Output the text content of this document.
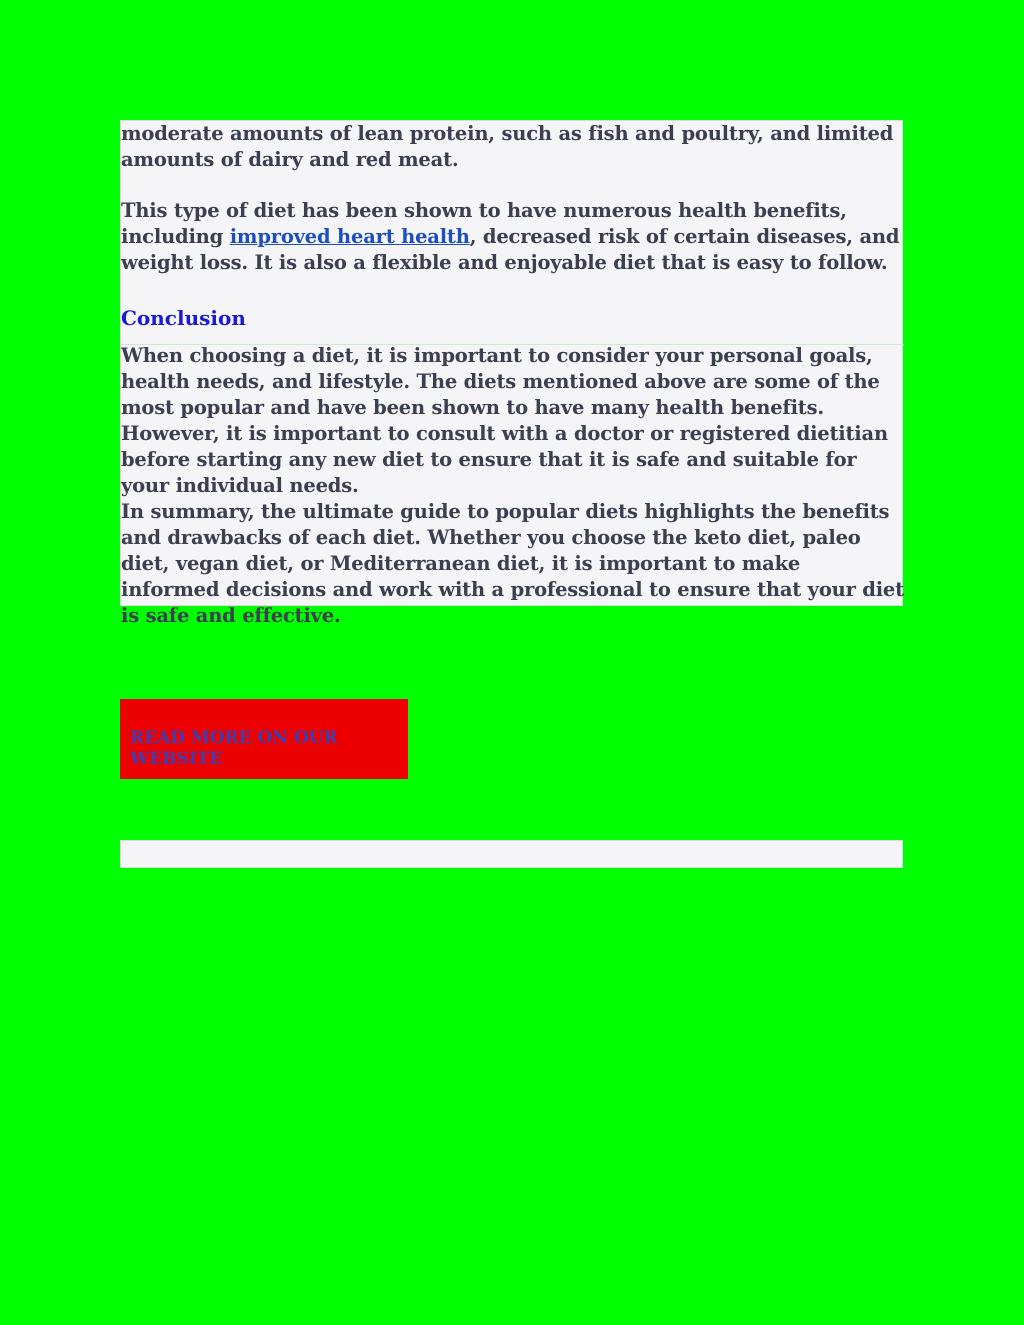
moderate amounts of lean protein, such as fish and poultry, and limited amounts of dairy and red meat.

This type of diet has been shown to have numerous health benefits, including improved heart health, decreased risk of certain diseases, and weight loss. It is also a flexible and enjoyable diet that is easy to follow.

Conclusion

When choosing a diet, it is important to consider your personal goals, health needs, and lifestyle. The diets mentioned above are some of the most popular and have been shown to have many health benefits. However, it is important to consult with a doctor or registered dietitian before starting any new diet to ensure that it is safe and suitable for your individual needs.

In summary, the ultimate guide to popular diets highlights the benefits and drawbacks of each diet. Whether you choose the keto diet, paleo diet, vegan diet, or Mediterranean diet, it is important to make informed decisions and work with a professional to ensure that your diet is safe and effective.

READ MORE ON OUR WEBSITE
